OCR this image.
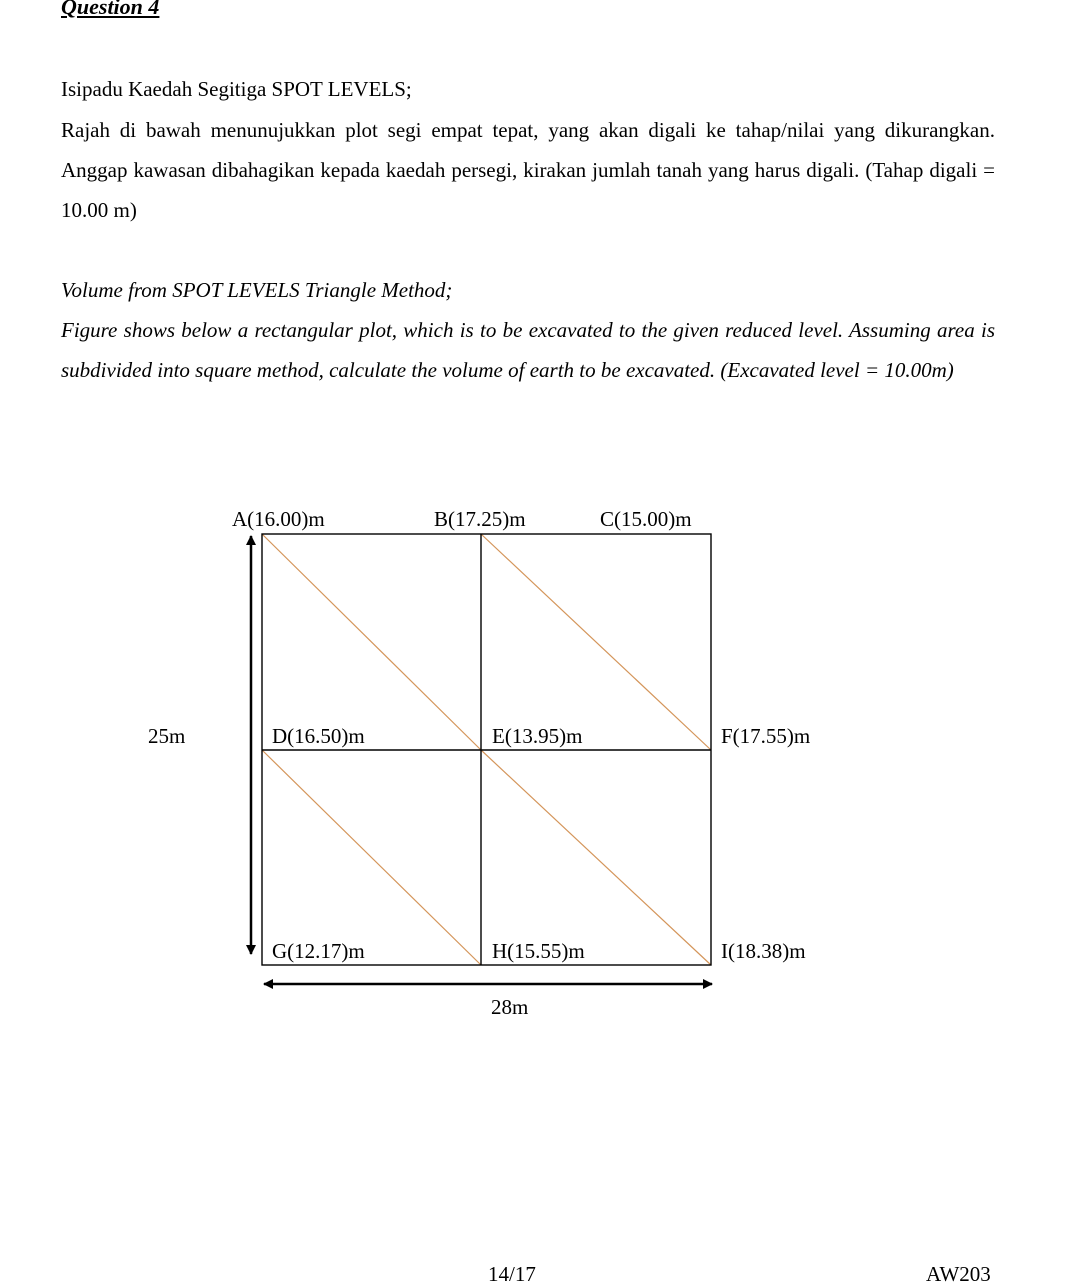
Question 4

Isipadu Kaedah Segitiga SPOT LEVELS;

Rajah di bawah menunujukkan plot segi empat tepat, yang akan digali ke tahap/nilai yang dikurangkan. Anggap kawasan dibahagikan kepada kaedah persegi, kirakan jumlah tanah yang harus digali. (Tahap digali = 10.00 m)

Volume from SPOT LEVELS Triangle Method;

Figure shows below a rectangular plot, which is to be excavated to the given reduced level. Assuming area is subdivided into square method, calculate the volume of earth to be excavated. (Excavated level = 10.00m)

A(16.00)m	B(17.25)m	C(15.00)m
D(16.50)m	E(13.95)m	F(17.55)m
G(12.17)m	H(15.55)m	I(18.38)m
25m
28m
14/17	AW203
